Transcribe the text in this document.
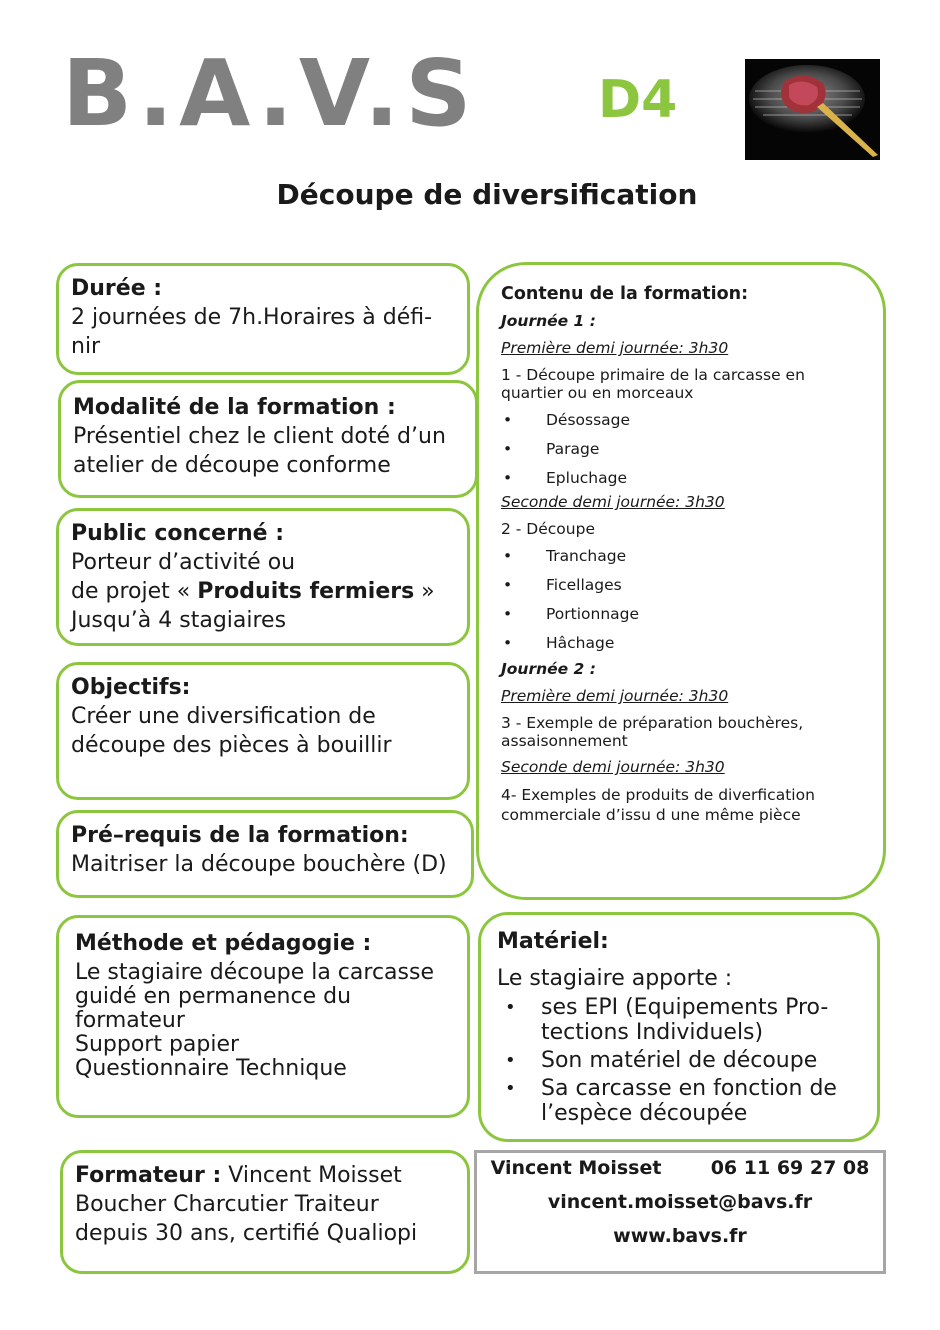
B.A.V.S D4
Découpe de diversification
Durée :
2 journées de 7h.Horaires à défi-
nir
Modalité de la formation :
Présentiel chez le client doté d’un
atelier de découpe conforme
Public concerné :
Porteur d’activité ou
de projet « Produits fermiers »
Jusqu’à 4 stagiaires
Objectifs:
Créer une diversification de
découpe des pièces à bouillir
Pré–requis de la formation:
Maitriser la découpe bouchère (D)
Méthode et pédagogie :
Le stagiaire découpe la carcasse
guidé en permanence du
formateur
Support papier
Questionnaire Technique
Formateur : Vincent Moisset
Boucher Charcutier Traiteur
depuis 30 ans, certifié Qualiopi
Contenu de la formation:
Journée 1 :
Première demi journée: 3h30
1 - Découpe primaire de la carcasse en quartier ou en morceaux
• Désossage
• Parage
• Epluchage
Seconde demi journée: 3h30
2 - Découpe
• Tranchage
• Ficellages
• Portionnage
• Hâchage
Journée 2 :
Première demi journée: 3h30
3 - Exemple de préparation bouchères, assaisonnement
Seconde demi journée: 3h30
4- Exemples de produits de diverfication commerciale d’issu d une même pièce
Matériel:
Le stagiaire apporte :
• ses EPI (Equipements Pro-tections Individuels)
• Son matériel de découpe
• Sa carcasse en fonction de l’espèce découpée
Vincent Moisset	06 11 69 27 08
vincent.moisset@bavs.fr
www.bavs.fr
